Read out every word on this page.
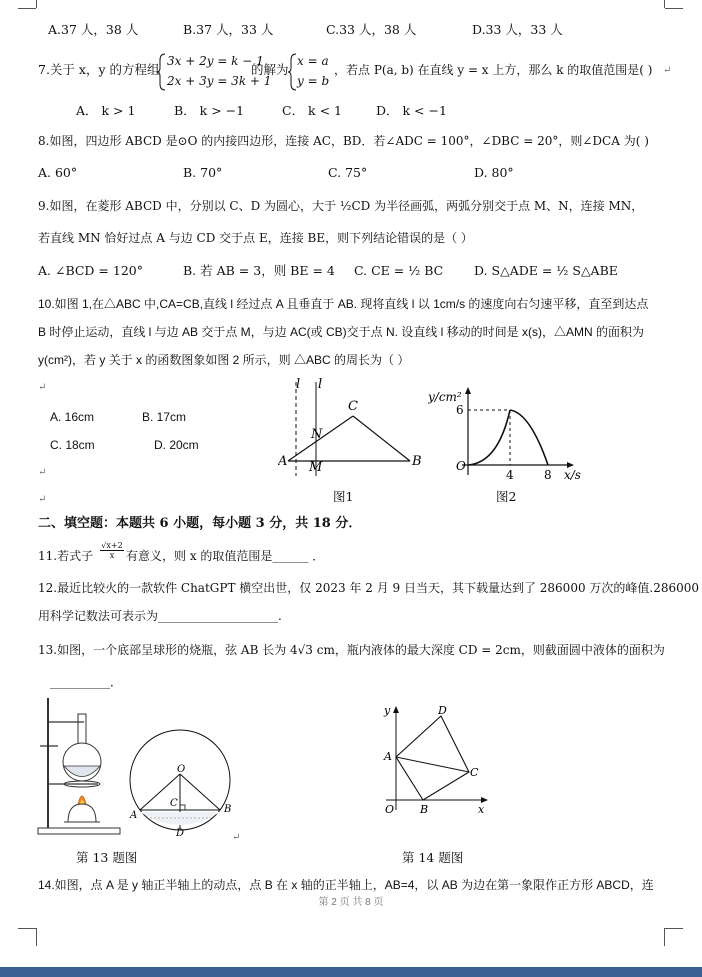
A.37 人，38 人	B.37 人，33 人	C.33 人，38 人	D.33 人，33 人
7.关于 x，y 的方程组
3x + 2y = k − 1
2x + 3y = 3k + 1
的解为
x = a
y = b
，若点 P(a, b) 在直线 y = x 上方，那么 k 的取值范围是( ) ↵
A． k > 1	B． k > −1	C． k < 1	D． k < −1
8.如图，四边形 ABCD 是⊙O 的内接四边形，连接 AC，BD．若∠ADC = 100°，∠DBC = 20°，则∠DCA 为( )
A. 60°	B. 70°	C. 75°	D. 80°
9.如图，在菱形 ABCD 中，分别以 C、D 为圆心，大于 ½CD 为半径画弧，两弧分别交于点 M、N，连接 MN，
若直线 MN 恰好过点 A 与边 CD 交于点 E，连接 BE，则下列结论错误的是（ ）
A. ∠BCD = 120°	B. 若 AB = 3，则 BE = 4 C. CE = ½ BC D. S△ADE = ½ S△ABE
10.如图 1,在△ABC 中,CA=CB,直线 l 经过点 A 且垂直于 AB. 现将直线 l 以 1cm/s 的速度向右匀速平移，直至到达点
B 时停止运动，直线 l 与边 AB 交于点 M，与边 AC(或 CB)交于点 N. 设直线 l 移动的时间是 x(s)，△AMN 的面积为
y(cm²)，若 y 关于 x 的函数图象如图 2 所示，则 △ABC 的周长为（ ）
↵
A. 16cm	B. 17cm
C. 18cm	D. 20cm
↵
↵
l l
C
N
A M	B
图1
y/cm²
6
O
4	8 x/s
图2
二、填空题：本题共 6 小题，每小题 3 分，共 18 分．
11.若式子 $\frac{√x+2}{x}$ 有意义，则 x 的取值范围是______ ．
12.最近比较火的一款软件 ChatGPT 横空出世，仅 2023 年 2 月 9 日当天，其下载量达到了 286000 万次的峰值.286000
用科学记数法可表示为____________________.
13.如图，一个底部呈球形的烧瓶，弦 AB 长为 4√3 cm，瓶内液体的最大深度 CD = 2cm，则截面圆中液体的面积为
__________．
O
C
A
B
D	↵
第 13 题图
y	D
A
C
O B	x
第 14 题图
14.如图，点 A 是 y 轴正半轴上的动点，点 B 在 x 轴的正半轴上，AB=4，以 AB 为边在第一象限作正方形 ABCD，连
第 2 页 共 8 页
